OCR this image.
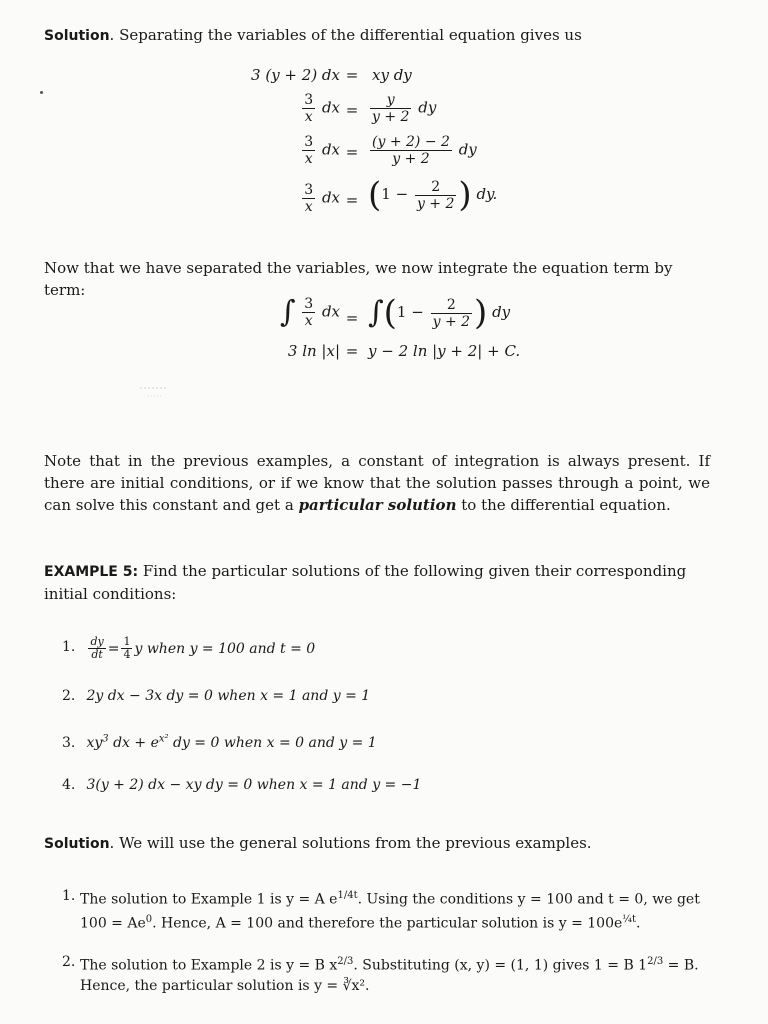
Solution. Separating the variables of the differential equation gives us
3 (y + 2) dx = xy dy
$\frac{3}{x}$ dx = $\frac{y}{y + 2}$ dy
$\frac{3}{x}$ dx = $\frac{(y + 2) - 2}{y + 2}$ dy
$\frac{3}{x}$ dx = ($1 - \frac{2}{y + 2}$ ) dy.
Now that we have separated the variables, we now integrate the equation term by term:
∫ $\frac{3}{x}$ dx = $\int(1 - \frac{2}{y + 2}$ ) dy
3 ln |x| = y − 2 ln |y + 2| + C.
Note that in the previous examples, a constant of integration is always present. If there are initial conditions, or if we know that the solution passes through a point, we can solve this constant and get a particular solution to the differential equation.
EXAMPLE 5: Find the particular solutions of the following given their corresponding initial conditions:
1. $\frac{dy}{dt} = \frac{1}{4}$ y when y = 100 and t = 0
2. 2y dx − 3x dy = 0 when x = 1 and y = 1
3. $xy^3$ dx + $e^{x^2}$ dy = 0 when x = 0 and y = 1
4. 3(y + 2) dx − xy dy = 0 when x = 1 and y = −1
Solution. We will use the general solutions from the previous examples.
1. The solution to Example 1 is y = A $e^{1/4t}$. Using the conditions y = 100 and t = 0, we get
$100 = Ae^0$. Hence, A = 100 and therefore the particular solution is $y = 100e^{\frac{1}{4}t}$.
2. The solution to Example 2 is y = B $x^{2/3}$. Substituting (x, y) = (1, 1) gives 1 = B $1^{2/3} = B$.
Hence, the particular solution is y = ∛x².
